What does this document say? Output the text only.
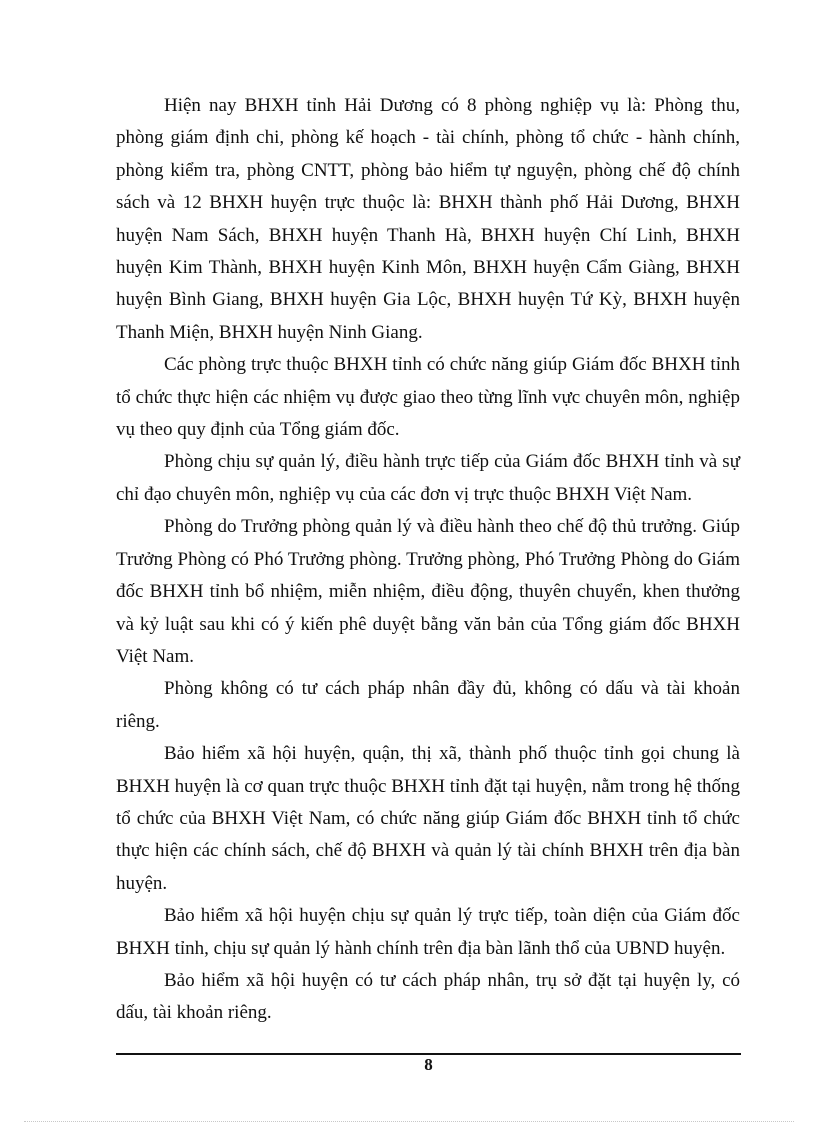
Hiện nay BHXH tỉnh Hải Dương có 8 phòng nghiệp vụ là: Phòng thu, phòng giám định chi, phòng kế hoạch - tài chính, phòng tổ chức - hành chính, phòng kiểm tra, phòng CNTT, phòng bảo hiểm tự nguyện, phòng chế độ chính sách và 12 BHXH huyện trực thuộc là: BHXH thành phố Hải Dương, BHXH huyện Nam Sách, BHXH huyện Thanh Hà, BHXH huyện Chí Linh, BHXH huyện Kim Thành, BHXH huyện Kinh Môn, BHXH huyện Cẩm Giàng, BHXH huyện Bình Giang, BHXH huyện Gia Lộc, BHXH huyện Tứ Kỳ, BHXH huyện Thanh Miện, BHXH huyện Ninh Giang.

Các phòng trực thuộc BHXH tỉnh có chức năng giúp Giám đốc BHXH tỉnh tổ chức thực hiện các nhiệm vụ được giao theo từng lĩnh vực chuyên môn, nghiệp vụ theo quy định của Tổng giám đốc.

Phòng chịu sự quản lý, điều hành trực tiếp của Giám đốc BHXH tỉnh và sự chỉ đạo chuyên môn, nghiệp vụ của các đơn vị trực thuộc BHXH Việt Nam.

Phòng do Trưởng phòng quản lý và điều hành theo chế độ thủ trưởng. Giúp Trưởng Phòng có Phó Trưởng phòng. Trưởng phòng, Phó Trưởng Phòng do Giám đốc BHXH tỉnh bổ nhiệm, miễn nhiệm, điều động, thuyên chuyển, khen thưởng và kỷ luật sau khi có ý kiến phê duyệt bằng văn bản của Tổng giám đốc BHXH Việt Nam.

Phòng không có tư cách pháp nhân đầy đủ, không có dấu và tài khoản riêng.

Bảo hiểm xã hội huyện, quận, thị xã, thành phố thuộc tỉnh gọi chung là BHXH huyện là cơ quan trực thuộc BHXH tỉnh đặt tại huyện, nằm trong hệ thống tổ chức của BHXH Việt Nam, có chức năng giúp Giám đốc BHXH tỉnh tổ chức thực hiện các chính sách, chế độ BHXH và quản lý tài chính BHXH trên địa bàn huyện.

Bảo hiểm xã hội huyện chịu sự quản lý trực tiếp, toàn diện của Giám đốc BHXH tỉnh, chịu sự quản lý hành chính trên địa bàn lãnh thổ của UBND huyện.

Bảo hiểm xã hội huyện có tư cách pháp nhân, trụ sở đặt tại huyện ly, có dấu, tài khoản riêng.

8
